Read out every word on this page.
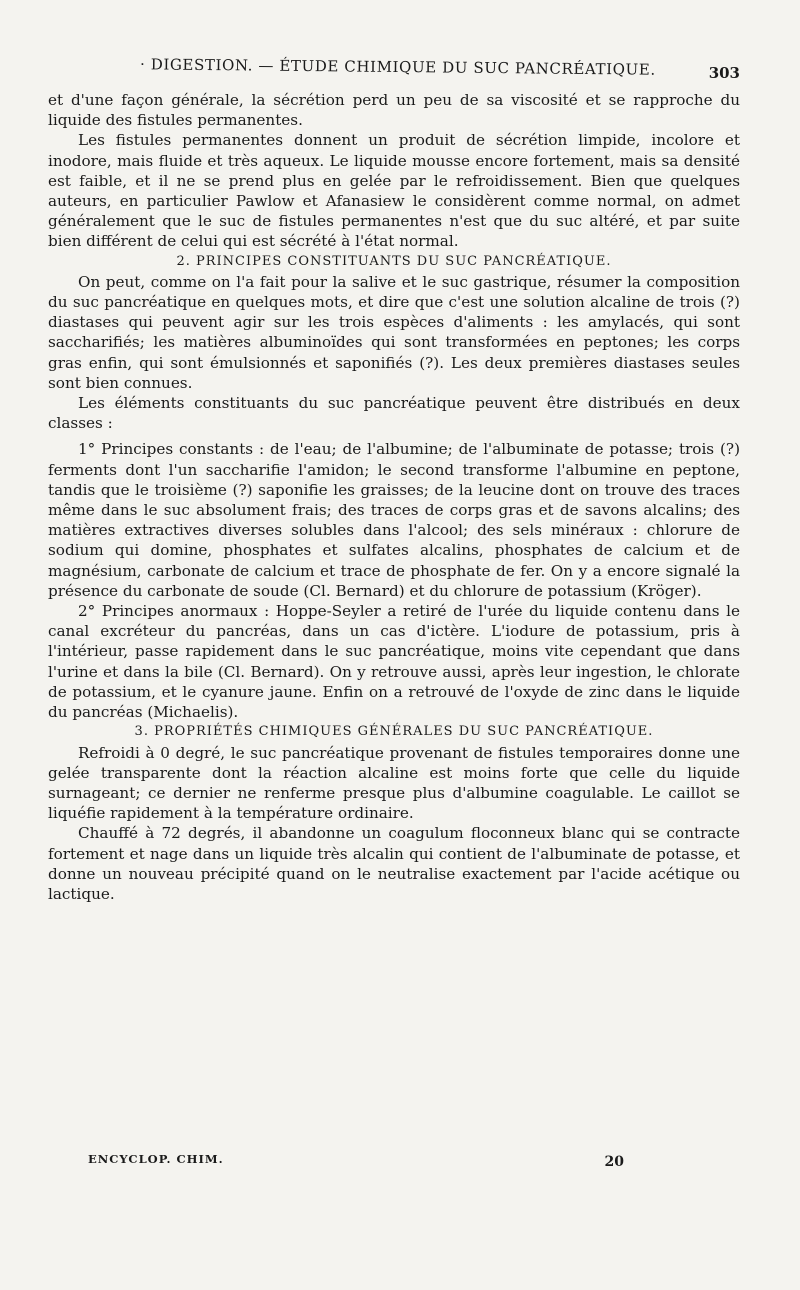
· DIGESTION. — ÉTUDE CHIMIQUE DU SUC PANCRÉATIQUE.	303

et d'une façon générale, la sécrétion perd un peu de sa viscosité et se rapproche du liquide des fistules permanentes.

Les fistules permanentes donnent un produit de sécrétion limpide, incolore et inodore, mais fluide et très aqueux. Le liquide mousse encore fortement, mais sa densité est faible, et il ne se prend plus en gelée par le refroidissement. Bien que quelques auteurs, en particulier Pawlow et Afanasiew le considèrent comme normal, on admet généralement que le suc de fistules permanentes n'est que du suc altéré, et par suite bien différent de celui qui est sécrété à l'état normal.

2. PRINCIPES CONSTITUANTS DU SUC PANCRÉATIQUE.

On peut, comme on l'a fait pour la salive et le suc gastrique, résumer la composition du suc pancréatique en quelques mots, et dire que c'est une solution alcaline de trois (?) diastases qui peuvent agir sur les trois espèces d'aliments : les amylacés, qui sont saccharifiés; les matières albuminoïdes qui sont transformées en peptones; les corps gras enfin, qui sont émulsionnés et saponifiés (?). Les deux premières diastases seules sont bien connues.

Les éléments constituants du suc pancréatique peuvent être distribués en deux classes :

1° Principes constants : de l'eau; de l'albumine; de l'albuminate de potasse; trois (?) ferments dont l'un saccharifie l'amidon; le second transforme l'albumine en peptone, tandis que le troisième (?) saponifie les graisses; de la leucine dont on trouve des traces même dans le suc absolument frais; des traces de corps gras et de savons alcalins; des matières extractives diverses solubles dans l'alcool; des sels minéraux : chlorure de sodium qui domine, phosphates et sulfates alcalins, phosphates de calcium et de magnésium, carbonate de calcium et trace de phosphate de fer. On y a encore signalé la présence du carbonate de soude (Cl. Bernard) et du chlorure de potassium (Kröger).

2° Principes anormaux : Hoppe-Seyler a retiré de l'urée du liquide contenu dans le canal excréteur du pancréas, dans un cas d'ictère. L'iodure de potassium, pris à l'intérieur, passe rapidement dans le suc pancréatique, moins vite cependant que dans l'urine et dans la bile (Cl. Bernard). On y retrouve aussi, après leur ingestion, le chlorate de potassium, et le cyanure jaune. Enfin on a retrouvé de l'oxyde de zinc dans le liquide du pancréas (Michaelis).

3. PROPRIÉTÉS CHIMIQUES GÉNÉRALES DU SUC PANCRÉATIQUE.

Refroidi à 0 degré, le suc pancréatique provenant de fistules temporaires donne une gelée transparente dont la réaction alcaline est moins forte que celle du liquide surnageant; ce dernier ne renferme presque plus d'albumine coagulable. Le caillot se liquéfie rapidement à la température ordinaire.

Chauffé à 72 degrés, il abandonne un coagulum floconneux blanc qui se contracte fortement et nage dans un liquide très alcalin qui contient de l'albuminate de potasse, et donne un nouveau précipité quand on le neutralise exactement par l'acide acétique ou lactique.

ENCYCLOP. CHIM.	20
